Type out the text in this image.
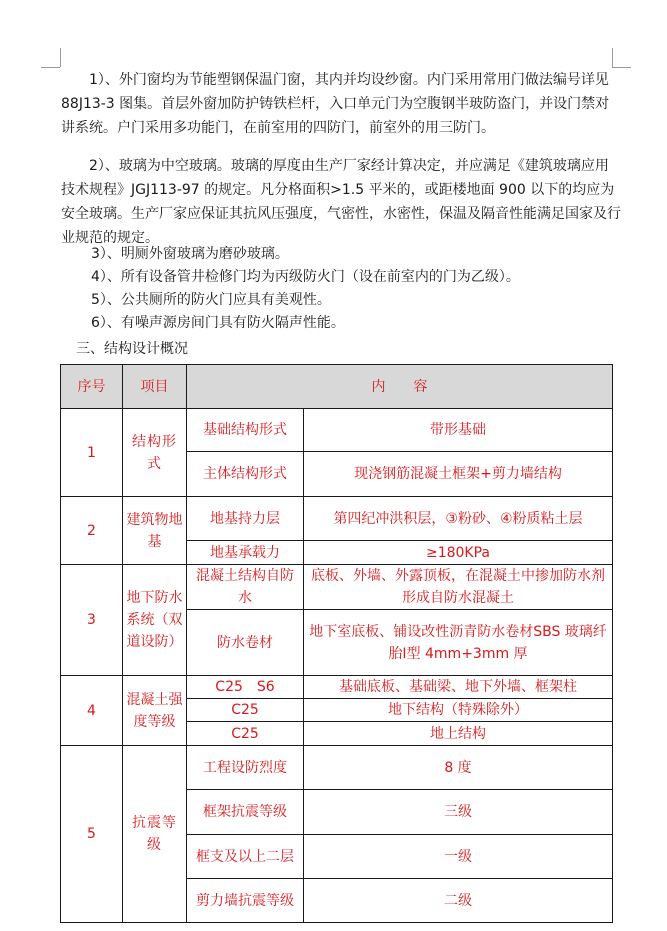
1）、外门窗均为节能塑钢保温门窗，其内并均设纱窗。内门采用常用门做法编号详见 88J13-3 图集。首层外窗加防护铸铁栏杆，入口单元门为空腹钢半玻防盗门，并设门禁对讲系统。户门采用多功能门，在前室用的四防门，前室外的用三防门。

2）、玻璃为中空玻璃。玻璃的厚度由生产厂家经计算决定，并应满足《建筑玻璃应用技术规程》JGJ113-97 的规定。凡分格面积>1.5 平米的，或距楼地面 900 以下的均应为安全玻璃。生产厂家应保证其抗风压强度，气密性，水密性，保温及隔音性能满足国家及行业规范的规定。

3）、明厕外窗玻璃为磨砂玻璃。
4）、所有设备管井检修门均为丙级防火门（设在前室内的门为乙级）。
5）、公共厕所的防火门应具有美观性。
6）、有噪声源房间门具有防火隔声性能。
三、结构设计概况
序号	项目	内　　容	
1	结构形式	基础结构形式	带形基础
		主体结构形式	现浇钢筋混凝土框架+剪力墙结构
2	建筑物地基	地基持力层	第四纪冲洪积层，③粉砂、④粉质粘土层
		地基承载力	≥180KPa
3	地下防水系统（双道设防）	混凝土结构自防水	底板、外墙、外露顶板，在混凝土中掺加防水剂形成自防水混凝土
		防水卷材	地下室底板、铺设改性沥青防水卷材SBS 玻璃纤胎Ⅰ型 4mm+3mm 厚
4	混凝土强度等级	C25　S6	基础底板、基础梁、地下外墙、框架柱
		C25	地下结构（特殊除外）
		C25	地上结构
5	抗震等级	工程设防烈度	8 度
		框架抗震等级	三级
		框支及以上二层	一级
		剪力墙抗震等级	二级
